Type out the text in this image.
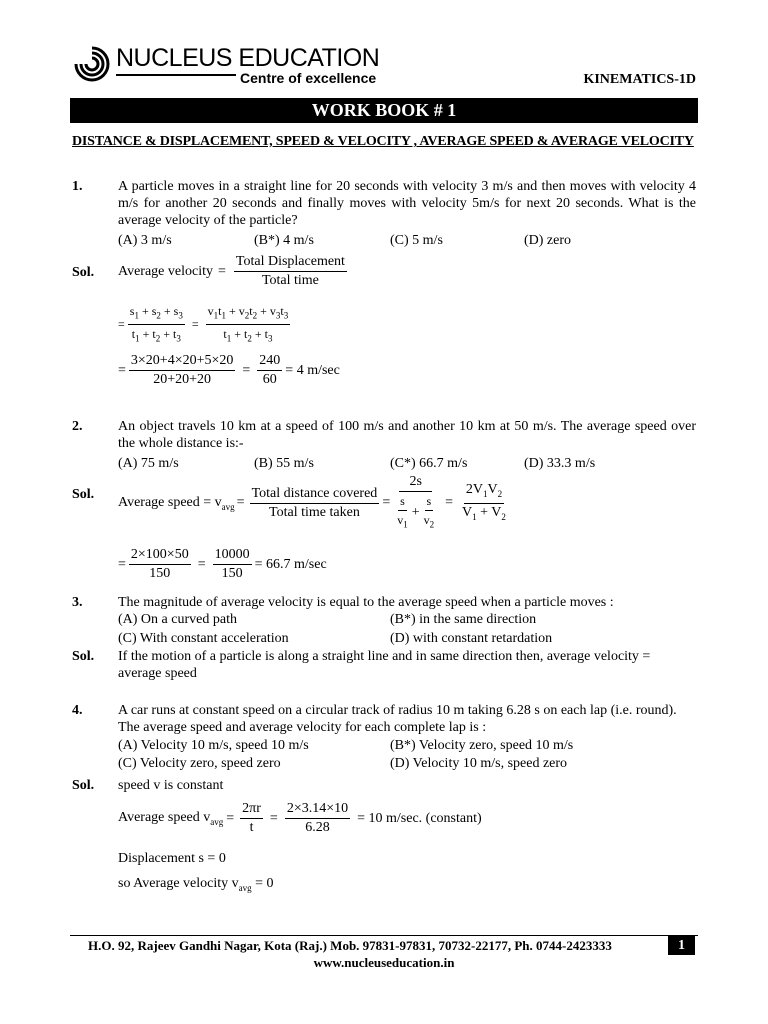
NUCLEUS EDUCATION
Centre of excellence	KINEMATICS-1D
WORK BOOK # 1
DISTANCE & DISPLACEMENT, SPEED & VELOCITY , AVERAGE SPEED & AVERAGE VELOCITY
1.	A particle moves in a straight line for 20 seconds with velocity 3 m/s and then moves with velocity 4 m/s for another 20 seconds and finally moves with velocity 5m/s for next 20 seconds. What is the average velocity of the particle?
(A) 3 m/s	(B*) 4 m/s	(C) 5 m/s	(D) zero
Sol. Average velocity = $\frac{\text{Total Displacement}}{\text{Total time}}$
= $\frac{s_1 + s_2 + s_3}{t_1 + t_2 + t_3} = \frac{v_1t_1 + v_2t_2 + v_3t_3}{t_1 + t_2 + t_3}$
= $\frac{3\times 20+4\times 20+5\times 20}{20+20+20} = \frac{240}{60} = 4$ m/sec
2.	An object travels 10 km at a speed of 100 m/s and another 10 km at 50 m/s. The average speed over the whole distance is:-
(A) 75 m/s	(B) 55 m/s	(C*) 66.7 m/s	(D) 33.3 m/s
Sol.
Average speed = $v_{avg} = \frac{\text{Total distance covered}}{\text{Total time taken}} = \frac{2s}{\frac{s}{v_1} + \frac{s}{v_2}} = \frac{2V_1V_2}{V_1 + V_2}$
= $\frac{2\times 100\times 50}{150} = \frac{10000}{150} = 66.7$ m/sec
3.	The magnitude of average velocity is equal to the average speed when a particle moves :
(A) On a curved path	(B*) in the same direction
(C) With constant acceleration	(D) with constant retardation
Sol. If the motion of a particle is along a straight line and in same direction then, average velocity = average speed
4.	A car runs at constant speed on a circular track of radius 10 m taking 6.28 s on each lap (i.e. round). The average speed and average velocity for each complete lap is :
(A) Velocity 10 m/s, speed 10 m/s	(B*) Velocity zero, speed 10 m/s
(C) Velocity zero, speed zero	(D) Velocity 10 m/s, speed zero
Sol. speed v is constant
Average speed $v_{avg} = \frac{2\pi r}{t} = \frac{2\times 3.14\times 10}{6.28} = 10$ m/sec. (constant)
Displacement s = 0
so Average velocity $v_{avg} = 0$
H.O. 92, Rajeev Gandhi Nagar, Kota (Raj.) Mob. 97831-97831, 70732-22177, Ph. 0744-2423333
www.nucleuseducation.in
1
